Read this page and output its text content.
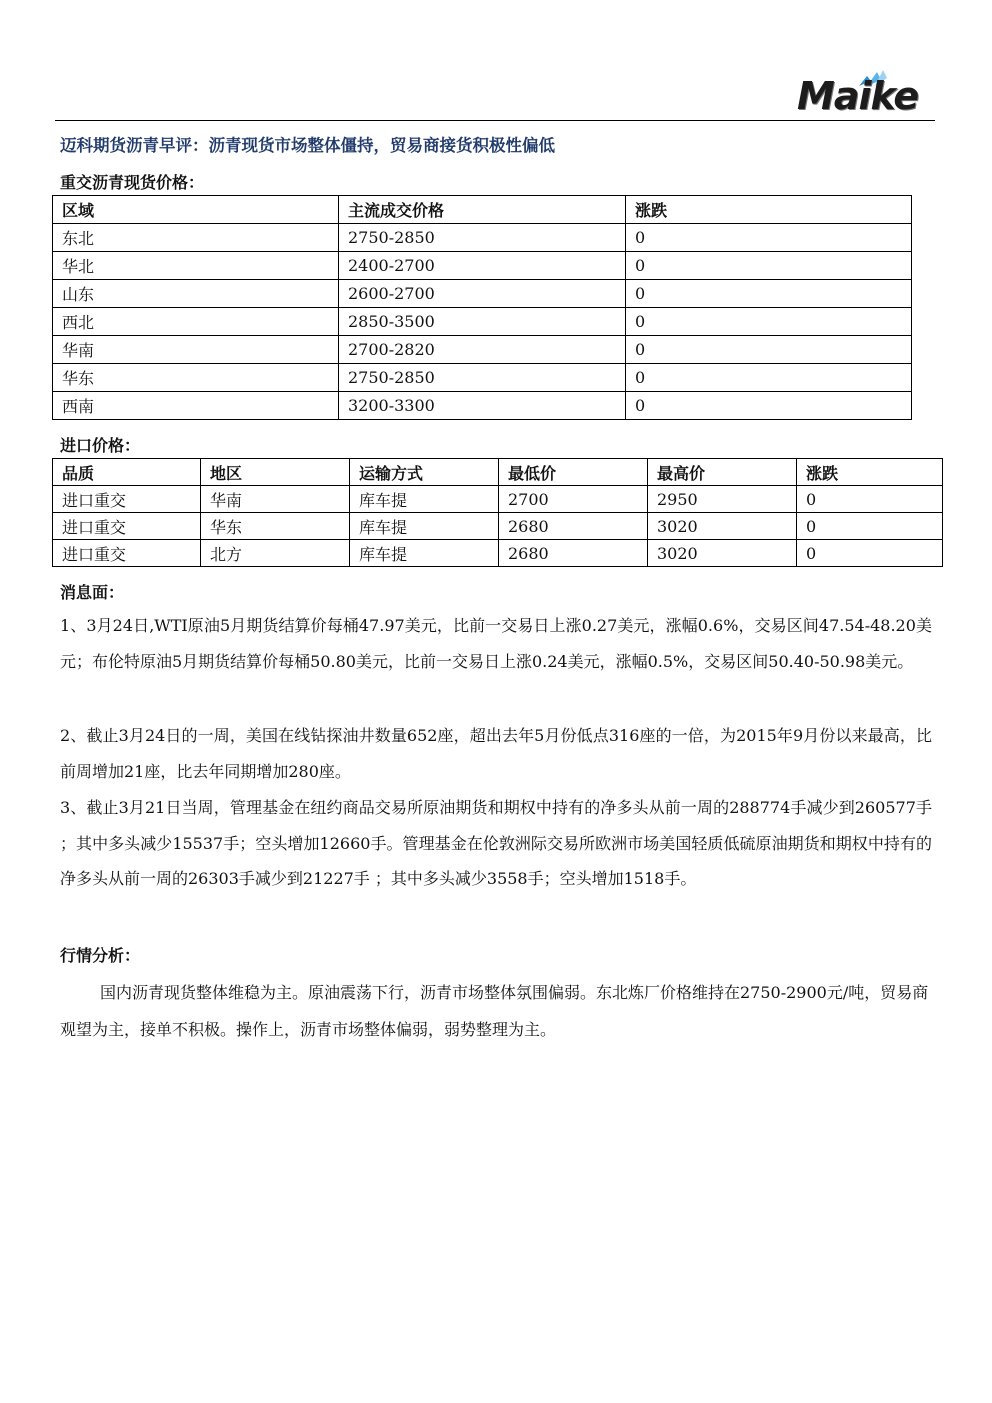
Maike
迈科期货沥青早评：沥青现货市场整体僵持，贸易商接货积极性偏低
重交沥青现货价格：
区域	主流成交价格	涨跌
东北	2750-2850	0
华北	2400-2700	0
山东	2600-2700	0
西北	2850-3500	0
华南	2700-2820	0
华东	2750-2850	0
西南	3200-3300	0
进口价格：
品质	地区	运输方式	最低价	最高价	涨跌
进口重交	华南	库车提	2700	2950	0
进口重交	华东	库车提	2680	3020	0
进口重交	北方	库车提	2680	3020	0
消息面：

1、3月24日,WTI原油5月期货结算价每桶47.97美元，比前一交易日上涨0.27美元，涨幅0.6%，交易区间47.54-48.20美元；布伦特原油5月期货结算价每桶50.80美元，比前一交易日上涨0.24美元，涨幅0.5%，交易区间50.40-50.98美元。

2、截止3月24日的一周，美国在线钻探油井数量652座，超出去年5月份低点316座的一倍，为2015年9月份以来最高，比前周增加21座，比去年同期增加280座。

3、截止3月21日当周，管理基金在纽约商品交易所原油期货和期权中持有的净多头从前一周的288774手减少到260577手 ；其中多头减少15537手；空头增加12660手。管理基金在伦敦洲际交易所欧洲市场美国轻质低硫原油期货和期权中持有的净多头从前一周的26303手减少到21227手 ；其中多头减少3558手；空头增加1518手。

行情分析：

国内沥青现货整体维稳为主。原油震荡下行，沥青市场整体氛围偏弱。东北炼厂价格维持在2750-2900元/吨，贸易商观望为主，接单不积极。操作上，沥青市场整体偏弱，弱势整理为主。
